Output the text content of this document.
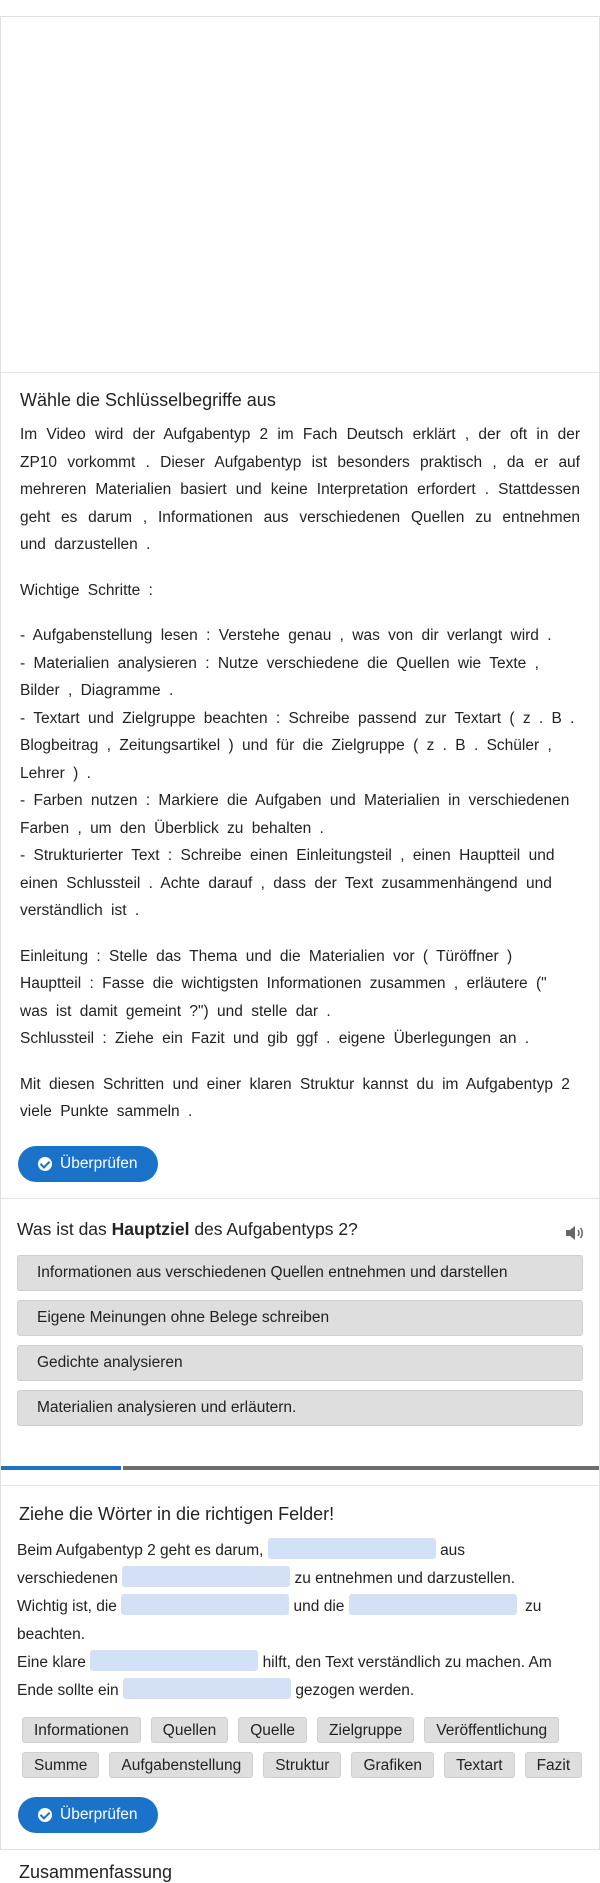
Wähle die Schlüsselbegriffe aus

Im Video wird der Aufgabentyp 2 im Fach Deutsch erklärt , der oft in der ZP10 vorkommt . Dieser Aufgabentyp ist besonders praktisch , da er auf mehreren Materialien basiert und keine Interpretation erfordert . Stattdessen geht es darum , Informationen aus verschiedenen Quellen zu entnehmen und darzustellen .

Wichtige Schritte :

- Aufgabenstellung lesen : Verstehe genau , was von dir verlangt wird .

- Materialien analysieren : Nutze verschiedene die Quellen wie Texte , Bilder , Diagramme .

- Textart und Zielgruppe beachten : Schreibe passend zur Textart ( z . B . Blogbeitrag , Zeitungsartikel ) und für die Zielgruppe ( z . B . Schüler , Lehrer ) .

- Farben nutzen : Markiere die Aufgaben und Materialien in verschiedenen Farben , um den Überblick zu behalten .

- Strukturierter Text : Schreibe einen Einleitungsteil , einen Hauptteil und einen Schlussteil . Achte darauf , dass der Text zusammenhängend und verständlich ist .

Einleitung : Stelle das Thema und die Materialien vor ( Türöffner )

Hauptteil : Fasse die wichtigsten Informationen zusammen , erläutere (" was ist damit gemeint ?") und stelle dar .

Schlussteil : Ziehe ein Fazit und gib ggf . eigene Überlegungen an .

Mit diesen Schritten und einer klaren Struktur kannst du im Aufgabentyp 2 viele Punkte sammeln .

Überprüfen
Was ist das Hauptziel des Aufgabentyps 2?
Informationen aus verschiedenen Quellen entnehmen und darstellen
Eigene Meinungen ohne Belege schreiben
Gedichte analysieren
Materialien analysieren und erläutern.
Ziehe die Wörter in die richtigen Felder!

Beim Aufgabentyp 2 geht es darum,	aus
verschiedenen	zu entnehmen und darzustellen.

Wichtig ist, die	und die	zu
beachten.

Eine klare	hilft, den Text verständlich zu machen. Am
Ende sollte ein	gezogen werden.

Informationen Quellen Quelle Zielgruppe Veröffentlichung
Summe Aufgabenstellung Struktur Grafiken Textart Fazit
Überprüfen
Zusammenfassung
